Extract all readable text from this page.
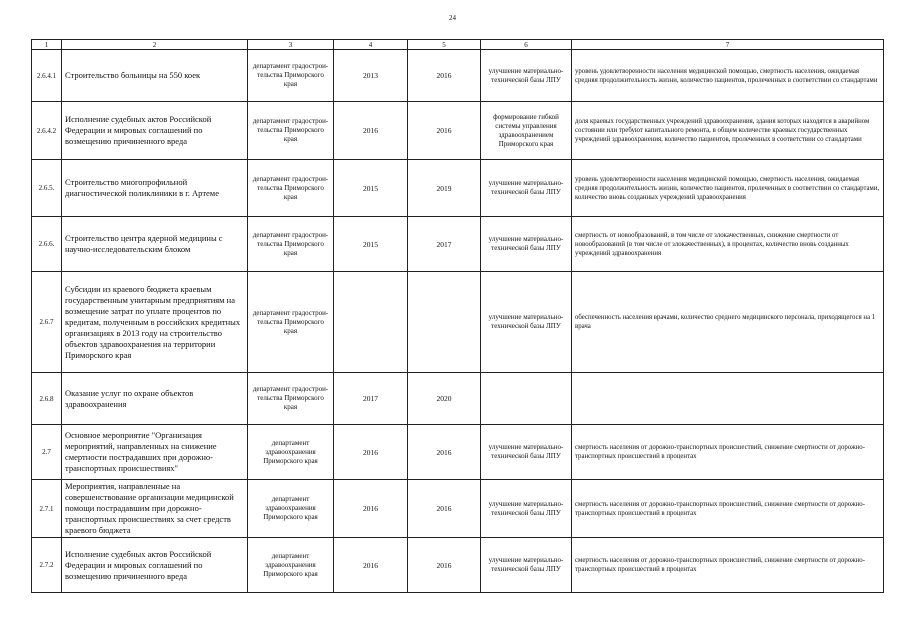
24
1	2	3	4	5	6	7
2.6.4.1	Строительство больницы на 550 коек	департамент градострои-тельства Приморского края	2013	2016	улучшение материально-технической базы ЛПУ	уровень удовлетворенности населения медицинской помощью, смертность населения, ожидаемая средняя продолжительность жизни, количество пациентов, пролеченных в соответствии со стандартами
2.6.4.2	Исполнение судебных актов Российской Федерации и мировых соглашений по возмещению причиненного вреда	департамент градострои-тельства Приморского края	2016	2016	формирование гибкой системы управления здравоохранением Приморского края	доля краевых государственных учреждений здравоохранения, здания которых находятся в аварийном состоянии или требуют капитального ремонта, в общем количестве краевых государственных учреждений здравоохранения, количество пациентов, пролеченных в соответствии со стандартами
2.6.5.	Строительство многопрофильной диагностической поликлиники в г. Артеме	департамент градострои-тельства Приморского края	2015	2019	улучшение материально-технической базы ЛПУ	уровень удовлетворенности населения медицинской помощью, смертность населения, ожидаемая средняя продолжительность жизни, количество пациентов, пролеченных в соответствии со стандартами, количество вновь созданных учреждений здравоохранения
2.6.6.	Строительство центра ядерной медицины с научно-исследовательским блоком	департамент градострои-тельства Приморского края	2015	2017	улучшение материально-технической базы ЛПУ	смертность от новообразований, в том числе от злокачественных, снижение смертности от новообразований (в том числе от злокачественных), в процентах, количество вновь созданных учреждений здравоохранения
2.6.7	Субсидии из краевого бюджета краевым государственным унитарным предприятиям на возмещение затрат по уплате процентов по кредитам, полученным в российских кредитных организациях в 2013 году на строительство объектов здравоохранения на территории Приморского края	департамент градострои-тельства Приморского края			улучшение материально-технической базы ЛПУ	обеспеченность населения врачами, количество среднего медицинского персонала, приходящегося на 1 врача
2.6.8	Оказание услуг по охране объектов здравоохранения	департамент градострои-тельства Приморского края	2017	2020		
2.7	Основное мероприятие "Организация мероприятий, направленных на снижение смертности пострадавших при дорожно-транспортных происшествиях"	департамент здравоохранения Приморского края	2016	2016	улучшение материально-технической базы ЛПУ	смертность населения от дорожно-транспортных происшествий, снижение смертности от дорожно-транспортных происшествий в процентах
2.7.1	Мероприятия, направленные на совершенствование организации медицинской помощи пострадавшим при дорожно-транспортных происшествиях за счет средств краевого бюджета	департамент здравоохранения Приморского края	2016	2016	улучшение материально-технической базы ЛПУ	смертность населения от дорожно-транспортных происшествий, снижение смертности от дорожно-транспортных происшествий в процентах
2.7.2	Исполнение судебных актов Российской Федерации и мировых соглашений по возмещению причиненного вреда	департамент здравоохранения Приморского края	2016	2016	улучшение материально-технической базы ЛПУ	смертность населения от дорожно-транспортных происшествий, снижение смертности от дорожно-транспортных происшествий в процентах
